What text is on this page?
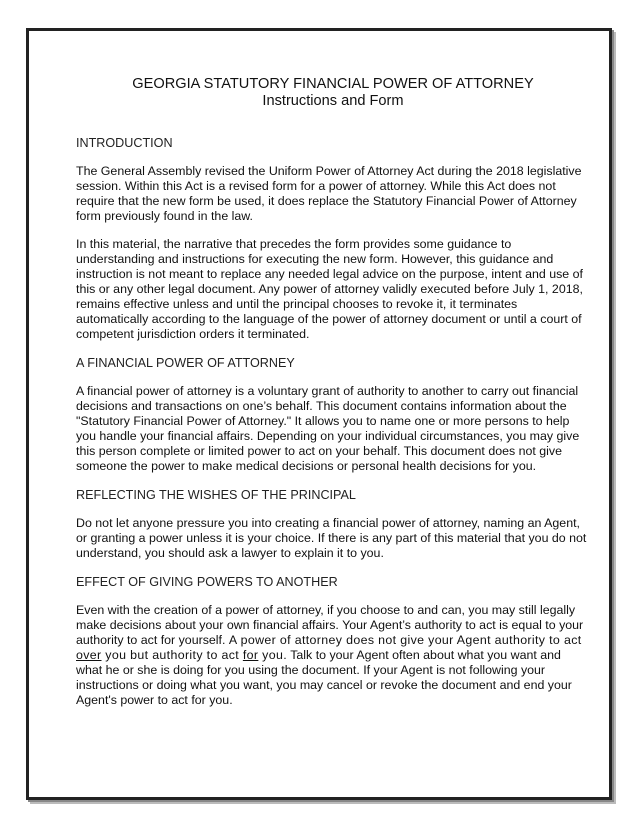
GEORGIA STATUTORY FINANCIAL POWER OF ATTORNEY
Instructions and Form
INTRODUCTION

The General Assembly revised the Uniform Power of Attorney Act during the 2018 legislative session. Within this Act is a revised form for a power of attorney. While this Act does not require that the new form be used, it does replace the Statutory Financial Power of Attorney form previously found in the law.

In this material, the narrative that precedes the form provides some guidance to understanding and instructions for executing the new form. However, this guidance and instruction is not meant to replace any needed legal advice on the purpose, intent and use of this or any other legal document. Any power of attorney validly executed before July 1, 2018, remains effective unless and until the principal chooses to revoke it, it terminates automatically according to the language of the power of attorney document or until a court of competent jurisdiction orders it terminated.

A FINANCIAL POWER OF ATTORNEY

A financial power of attorney is a voluntary grant of authority to another to carry out financial decisions and transactions on one’s behalf. This document contains information about the "Statutory Financial Power of Attorney." It allows you to name one or more persons to help you handle your financial affairs. Depending on your individual circumstances, you may give this person complete or limited power to act on your behalf. This document does not give someone the power to make medical decisions or personal health decisions for you.

REFLECTING THE WISHES OF THE PRINCIPAL

Do not let anyone pressure you into creating a financial power of attorney, naming an Agent, or granting a power unless it is your choice. If there is any part of this material that you do not understand, you should ask a lawyer to explain it to you.

EFFECT OF GIVING POWERS TO ANOTHER

Even with the creation of a power of attorney, if you choose to and can, you may still legally make decisions about your own financial affairs. Your Agent’s authority to act is equal to your authority to act for yourself. A power of attorney does not give your Agent authority to act over you but authority to act for you. Talk to your Agent often about what you want and what he or she is doing for you using the document. If your Agent is not following your instructions or doing what you want, you may cancel or revoke the document and end your Agent's power to act for you.
